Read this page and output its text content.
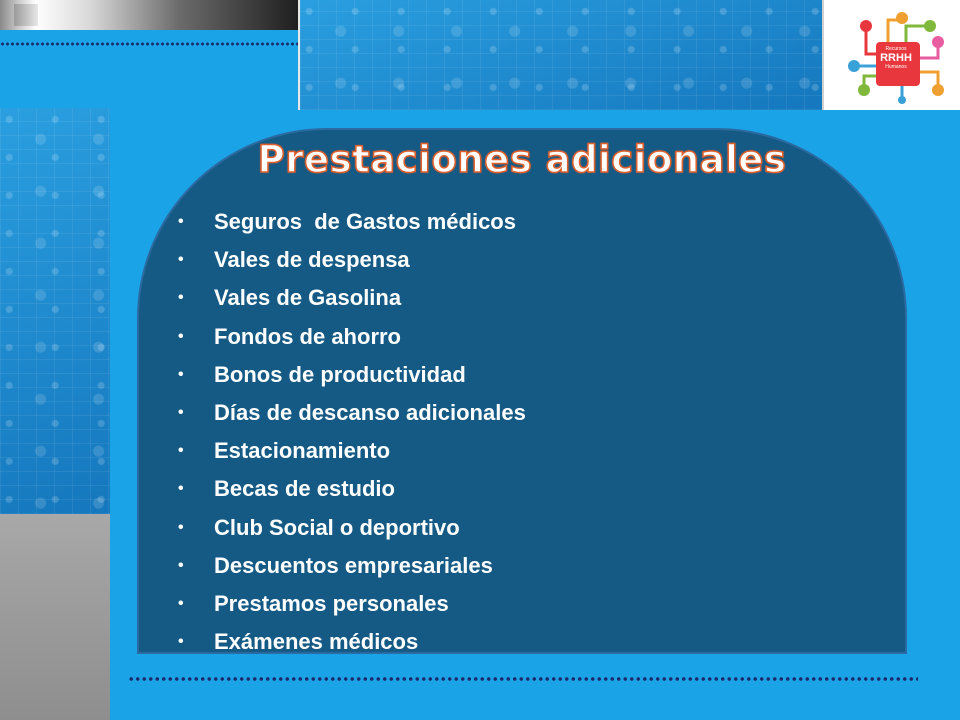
Recursos
RRHH
Humanos
Prestaciones adicionales
• Seguros  de Gastos médicos
• Vales de despensa
• Vales de Gasolina
• Fondos de ahorro
• Bonos de productividad
• Días de descanso adicionales
• Estacionamiento
• Becas de estudio
• Club Social o deportivo
• Descuentos empresariales
• Prestamos personales
• Exámenes médicos
